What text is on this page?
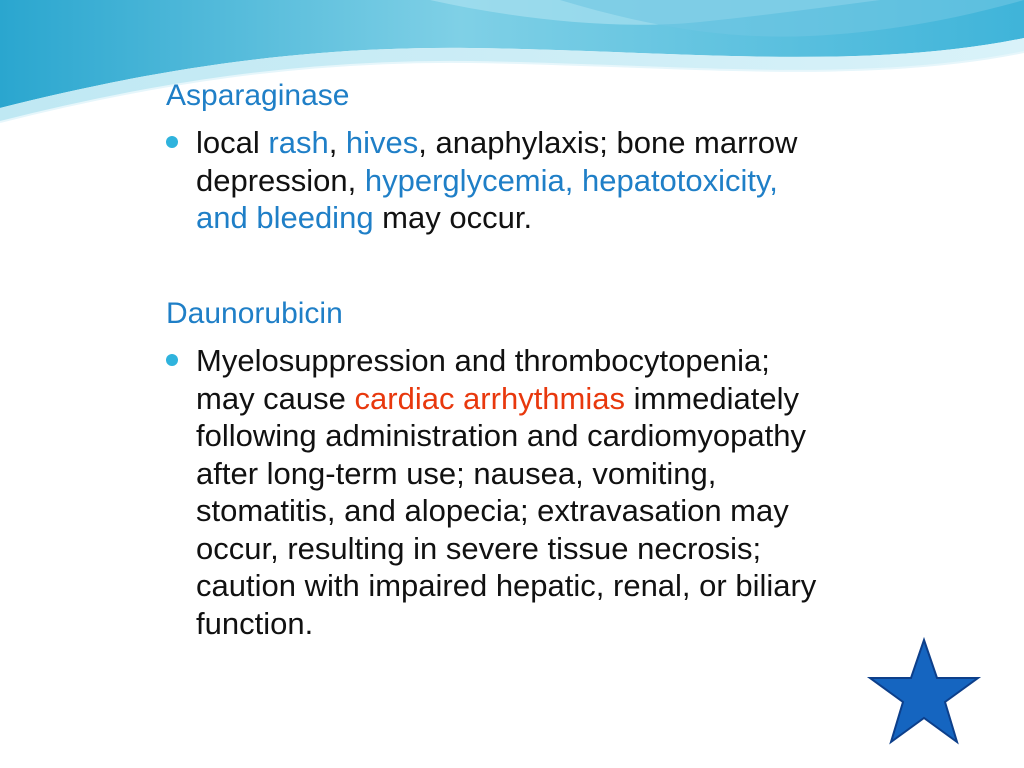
Asparaginase
local rash, hives, anaphylaxis; bone marrow
depression, hyperglycemia, hepatotoxicity,
and bleeding may occur.
Daunorubicin
Myelosuppression and thrombocytopenia;
may cause cardiac arrhythmias immediately
following administration and cardiomyopathy
after long-term use; nausea, vomiting,
stomatitis, and alopecia; extravasation may
occur, resulting in severe tissue necrosis;
caution with impaired hepatic, renal, or biliary
function.
